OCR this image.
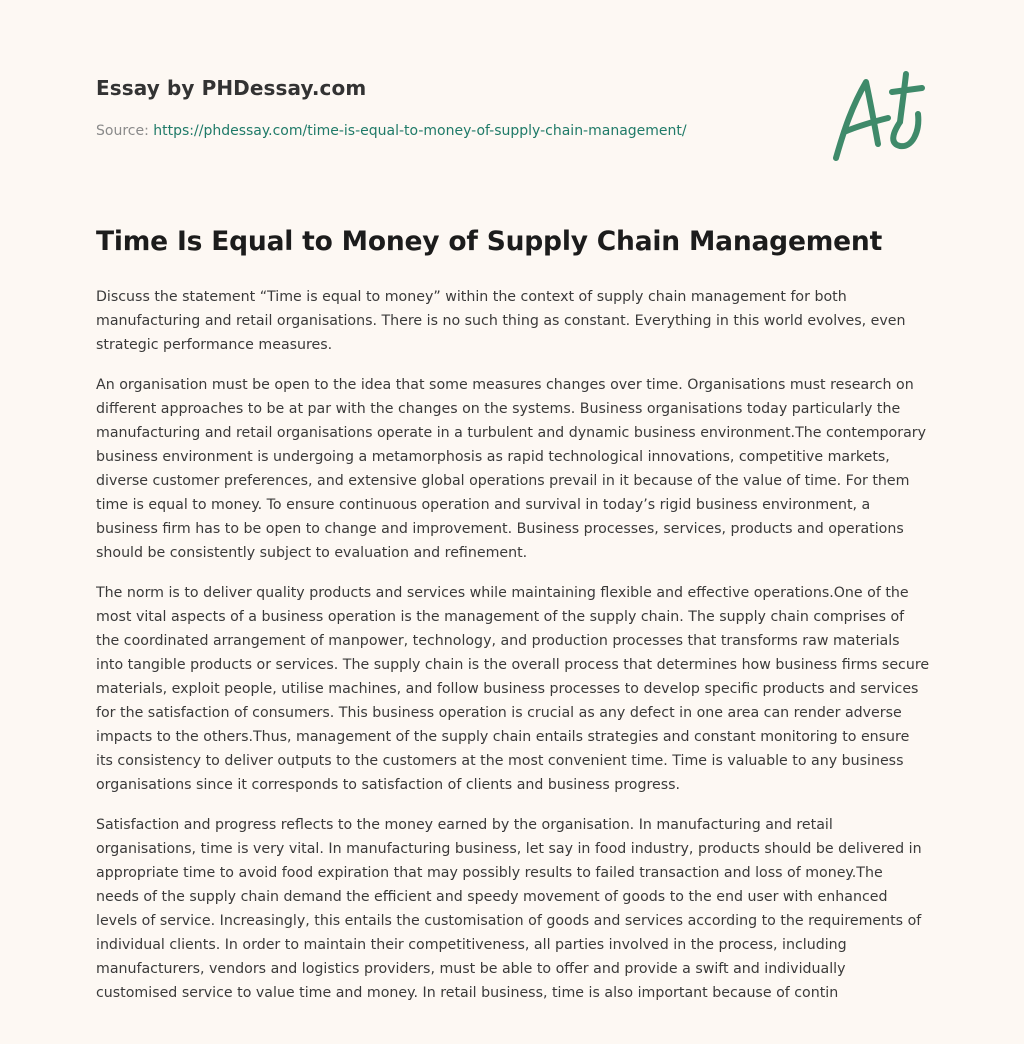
Essay by PHDessay.com
Source: https://phdessay.com/time-is-equal-to-money-of-supply-chain-management/
Time Is Equal to Money of Supply Chain Management

Discuss the statement “Time is equal to money” within the context of supply chain management for both manufacturing and retail organisations. There is no such thing as constant. Everything in this world evolves, even strategic performance measures.

An organisation must be open to the idea that some measures changes over time. Organisations must research on different approaches to be at par with the changes on the systems. Business organisations today particularly the manufacturing and retail organisations operate in a turbulent and dynamic business environment.The contemporary business environment is undergoing a metamorphosis as rapid technological innovations, competitive markets, diverse customer preferences, and extensive global operations prevail in it because of the value of time. For them time is equal to money. To ensure continuous operation and survival in today’s rigid business environment, a business firm has to be open to change and improvement. Business processes, services, products and operations should be consistently subject to evaluation and refinement.

The norm is to deliver quality products and services while maintaining flexible and effective operations.One of the most vital aspects of a business operation is the management of the supply chain. The supply chain comprises of the coordinated arrangement of manpower, technology, and production processes that transforms raw materials into tangible products or services. The supply chain is the overall process that determines how business firms secure materials, exploit people, utilise machines, and follow business processes to develop specific products and services for the satisfaction of consumers. This business operation is crucial as any defect in one area can render adverse impacts to the others.Thus, management of the supply chain entails strategies and constant monitoring to ensure its consistency to deliver outputs to the customers at the most convenient time. Time is valuable to any business organisations since it corresponds to satisfaction of clients and business progress.

Satisfaction and progress reflects to the money earned by the organisation. In manufacturing and retail organisations, time is very vital. In manufacturing business, let say in food industry, products should be delivered in appropriate time to avoid food expiration that may possibly results to failed transaction and loss of money.The needs of the supply chain demand the efficient and speedy movement of goods to the end user with enhanced levels of service. Increasingly, this entails the customisation of goods and services according to the requirements of individual clients. In order to maintain their competitiveness, all parties involved in the process, including manufacturers, vendors and logistics providers, must be able to offer and provide a swift and individually customised service to value time and money. In retail business, time is also important because of contin
